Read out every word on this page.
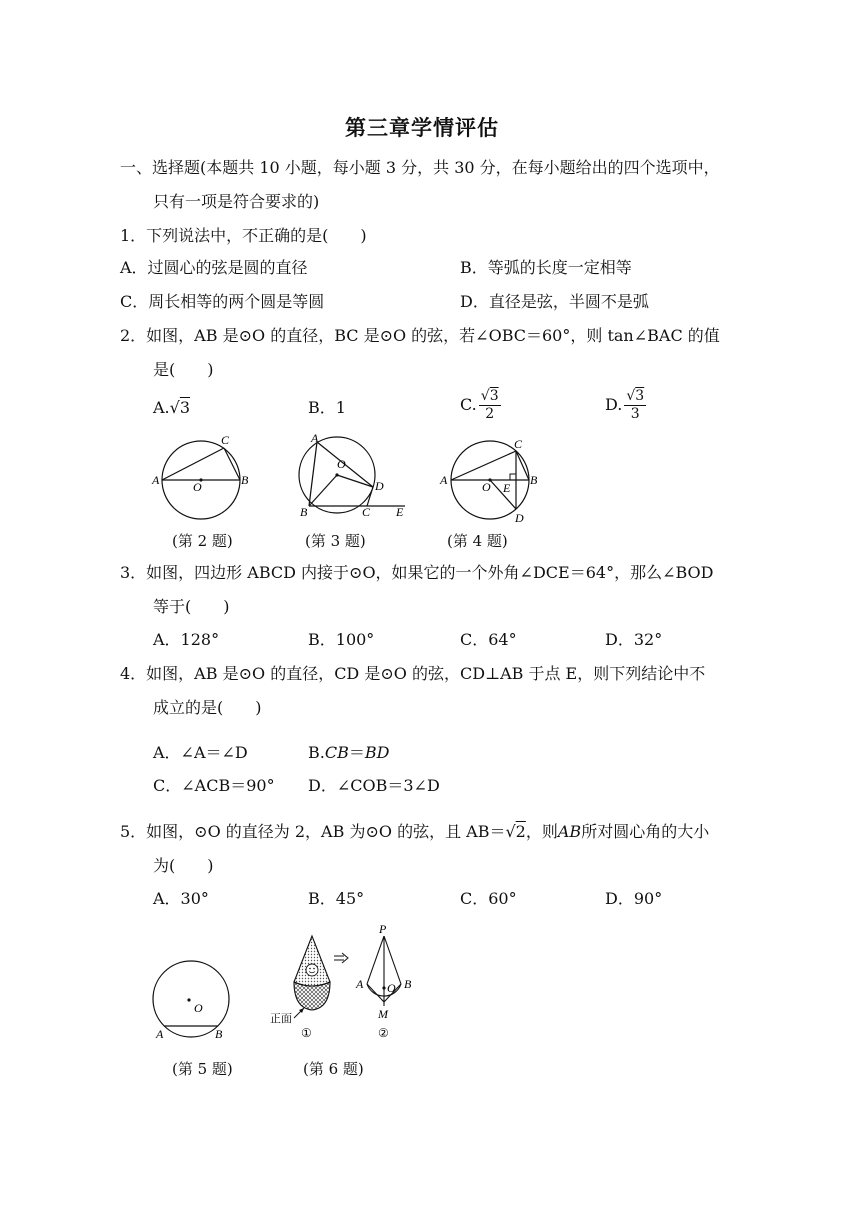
第三章学情评估
一、选择题(本题共 10 小题，每小题 3 分，共 30 分，在每小题给出的四个选项中，
只有一项是符合要求的)
1．下列说法中，不正确的是(　　)
A．过圆心的弦是圆的直径	B．等弧的长度一定相等
C．周长相等的两个圆是等圆	D．直径是弦，半圆不是弧
2．如图，AB 是⊙O 的直径，BC 是⊙O 的弦，若∠OBC＝60°，则 tan∠BAC 的值
是(　　)
A.√3	B．1	C. $\frac{√3}{2}$	D. $\frac{√3}{3}$
A	B
C
O
(第 2 题)
A
O
D
B	C E
(第 3 题)
A	B
C
D
O E
(第 4 题)
3．如图，四边形 ABCD 内接于⊙O，如果它的一个外角∠DCE＝64°，那么∠BOD
等于(　　)
A．128°	B．100°	C．64°	D．32°
4．如图，AB 是⊙O 的直径，CD 是⊙O 的弦，CD⊥AB 于点 E，则下列结论中不
成立的是(　　)
A．∠A＝∠D	B.CB＝BD
C．∠ACB＝90° D．∠COB＝3∠D
5．如图，⊙O 的直径为 2，AB 为⊙O 的弦，且 AB＝√2，则AB所对圆心角的大小
为(　　)
A．30°	B．45°	C．60°	D．90°
O
A	B
(第 5 题)
正面
①
P
A	B
O
M
②
(第 6 题)
